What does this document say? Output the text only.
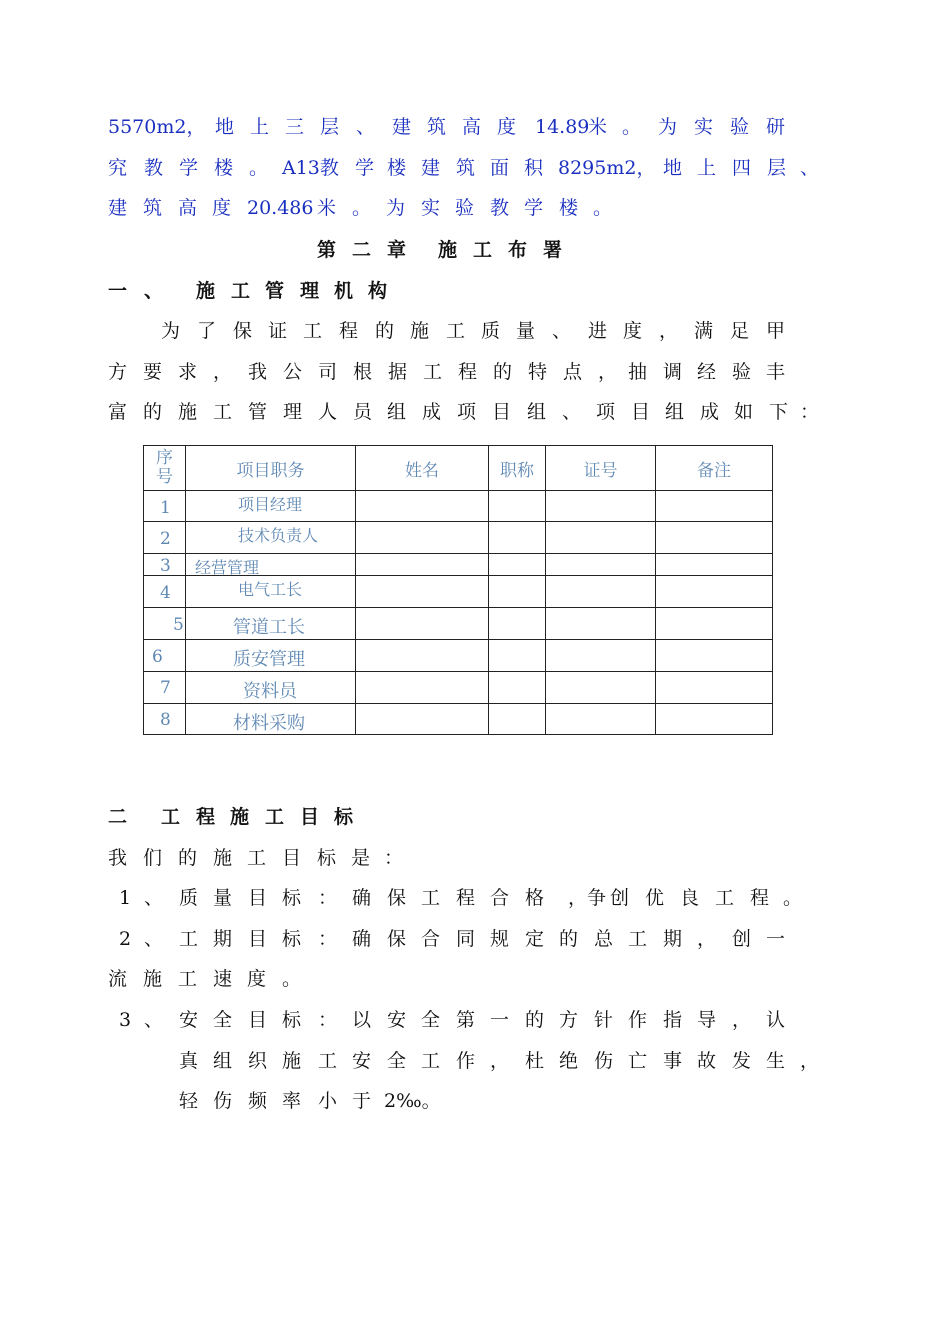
5570m2， 地 上 三 层 、 建 筑 高 度 14.89
米 。 为 实 验 研
究 教 学 楼 。 A13教 学 楼 建 筑 面 积 8295m2， 地 上 四 层 、
建 筑 高 度 20.486 米 。 为 实 验 教 学 楼 。
第 二 章 施 工 布 署
一 、 施 工 管 理 机 构
为 了 保 证 工 程 的 施 工 质 量 、 进 度 ， 满 足 甲
方 要 求 ， 我 公 司 根 据 工 程 的 特 点 ， 抽 调 经 验 丰
富 的 施 工 管 理 人 员 组 成 项 目 组 、 项 目 组 成 如 下 ：
序
号	项目职务	姓名	职称	证号	备注

1	项目经理				

2	技术负责人				

3	经营管理				

4	电气工长				

5	管道工长				

6	质安管理				

7	资料员				

8	材料采购				

二 工 程 施 工 目 标
我 们 的 施 工 目 标 是 ：
1 、 质 量 目 标 ： 确 保 工 程 合 格 ，争 创 优 良 工 程 。
2 、 工 期 目 标 ： 确 保 合 同 规 定 的 总 工 期 ， 创 一
流 施 工 速 度 。
3 、 安 全 目 标 ： 以 安 全 第 一 的 方 针 作 指 导 ， 认
真 组 织 施 工 安 全 工 作 ， 杜 绝 伤 亡 事 故 发 生 ，
轻 伤 频 率 小 于 2‰。
